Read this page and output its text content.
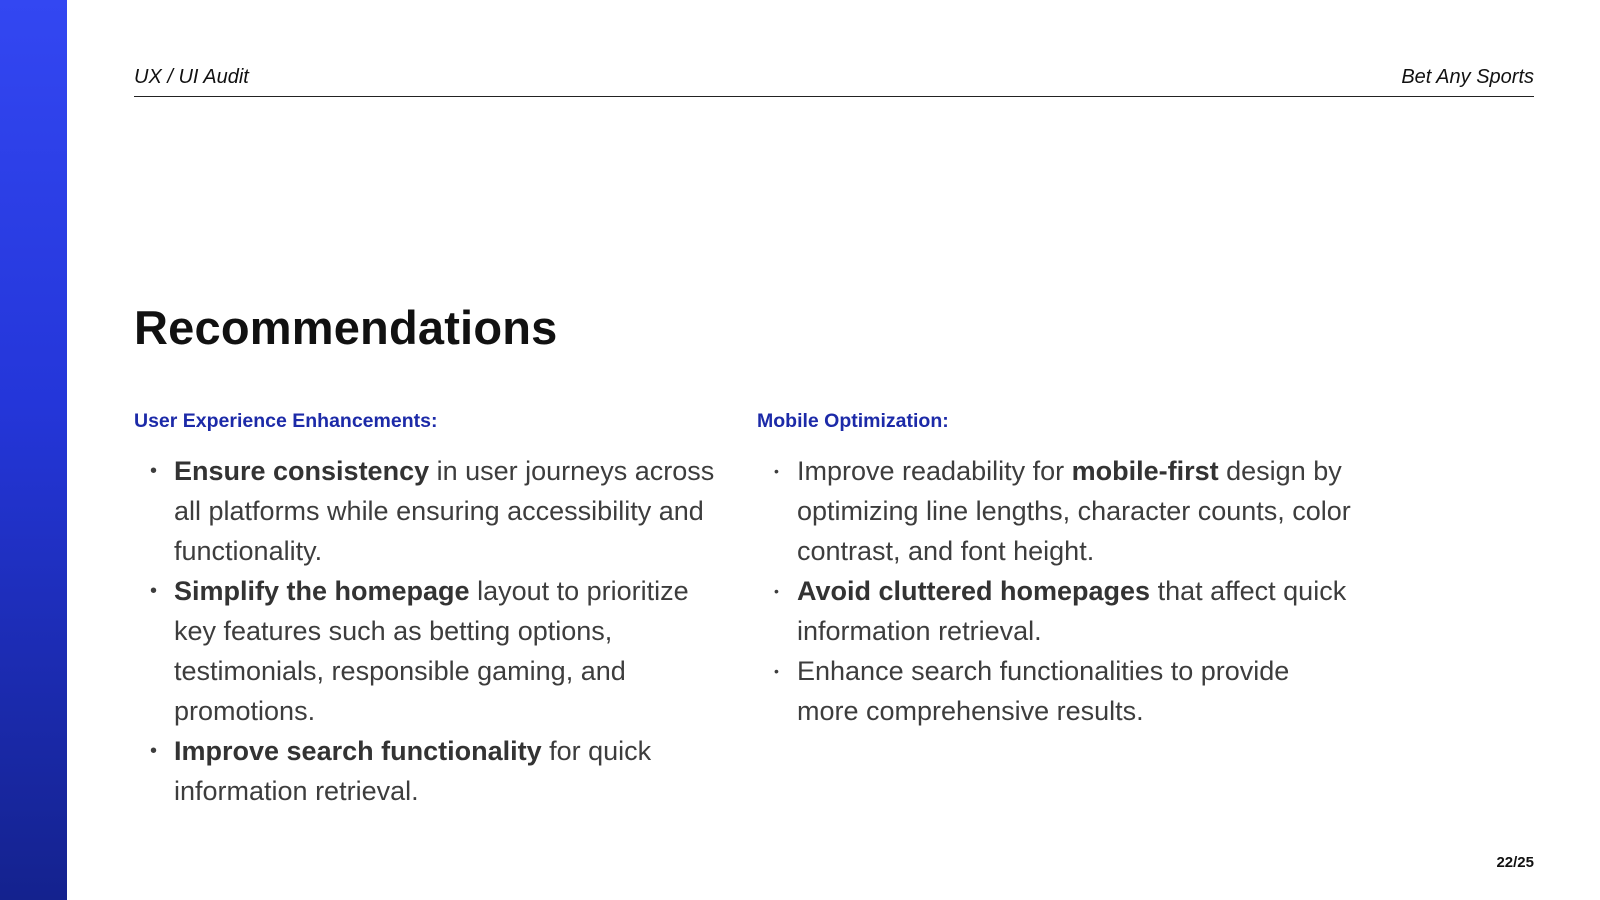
UX / UI Audit	Bet Any Sports
Recommendations
User Experience Enhancements:
• Ensure consistency in user journeys across all platforms while ensuring accessibility and functionality.
• Simplify the homepage layout to prioritize key features such as betting options, testimonials, responsible gaming, and promotions.
• Improve search functionality for quick information retrieval.
Mobile Optimization:
• Improve readability for mobile-first design by optimizing line lengths, character counts, color contrast, and font height.
• Avoid cluttered homepages that affect quick information retrieval.
• Enhance search functionalities to provide more comprehensive results.
22/25
